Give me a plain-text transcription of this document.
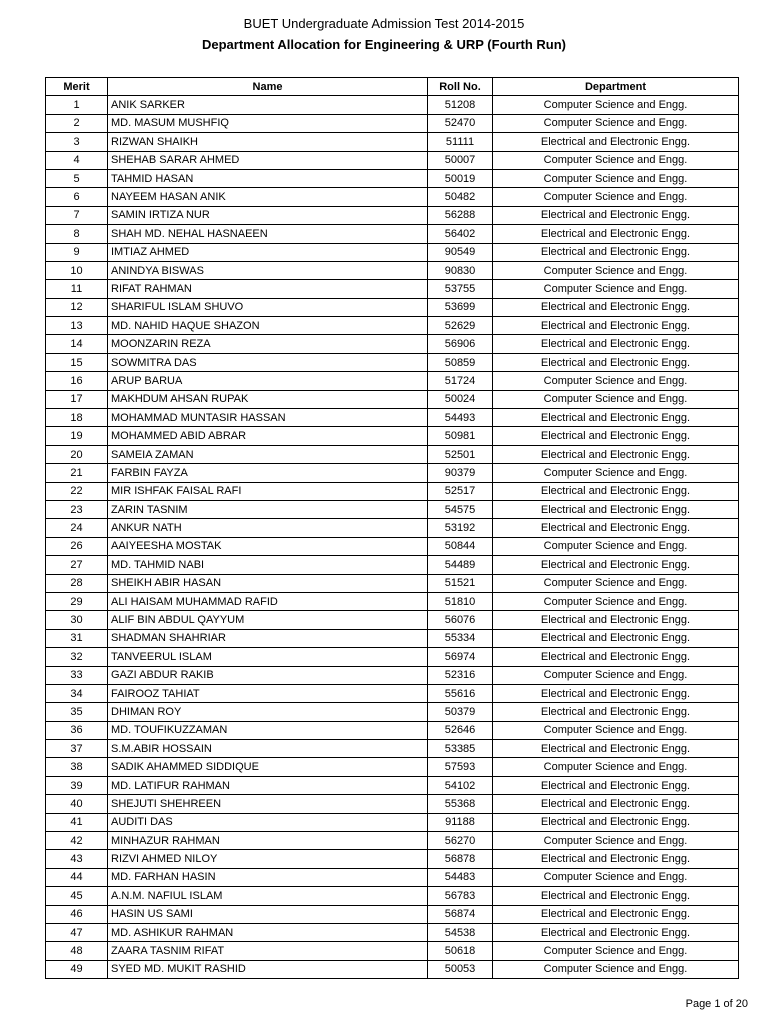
BUET Undergraduate Admission Test 2014-2015
Department Allocation for Engineering & URP (Fourth Run)
Merit	Name	Roll No.	Department
1	ANIK SARKER	51208	Computer Science and Engg.
2	MD. MASUM MUSHFIQ	52470	Computer Science and Engg.
3	RIZWAN SHAIKH	51111	Electrical and Electronic Engg.
4	SHEHAB SARAR AHMED	50007	Computer Science and Engg.
5	TAHMID HASAN	50019	Computer Science and Engg.
6	NAYEEM HASAN ANIK	50482	Computer Science and Engg.
7	SAMIN IRTIZA NUR	56288	Electrical and Electronic Engg.
8	SHAH MD. NEHAL HASNAEEN	56402	Electrical and Electronic Engg.
9	IMTIAZ AHMED	90549	Electrical and Electronic Engg.
10	ANINDYA BISWAS	90830	Computer Science and Engg.
11	RIFAT RAHMAN	53755	Computer Science and Engg.
12	SHARIFUL ISLAM SHUVO	53699	Electrical and Electronic Engg.
13	MD. NAHID HAQUE SHAZON	52629	Electrical and Electronic Engg.
14	MOONZARIN REZA	56906	Electrical and Electronic Engg.
15	SOWMITRA DAS	50859	Electrical and Electronic Engg.
16	ARUP BARUA	51724	Computer Science and Engg.
17	MAKHDUM AHSAN RUPAK	50024	Computer Science and Engg.
18	MOHAMMAD MUNTASIR HASSAN	54493	Electrical and Electronic Engg.
19	MOHAMMED ABID ABRAR	50981	Electrical and Electronic Engg.
20	SAMEIA ZAMAN	52501	Electrical and Electronic Engg.
21	FARBIN FAYZA	90379	Computer Science and Engg.
22	MIR ISHFAK FAISAL RAFI	52517	Electrical and Electronic Engg.
23	ZARIN TASNIM	54575	Electrical and Electronic Engg.
24	ANKUR NATH	53192	Electrical and Electronic Engg.
26	AAIYEESHA MOSTAK	50844	Computer Science and Engg.
27	MD. TAHMID NABI	54489	Electrical and Electronic Engg.
28	SHEIKH ABIR HASAN	51521	Computer Science and Engg.
29	ALI HAISAM MUHAMMAD RAFID	51810	Computer Science and Engg.
30	ALIF BIN ABDUL QAYYUM	56076	Electrical and Electronic Engg.
31	SHADMAN SHAHRIAR	55334	Electrical and Electronic Engg.
32	TANVEERUL ISLAM	56974	Electrical and Electronic Engg.
33	GAZI ABDUR RAKIB	52316	Computer Science and Engg.
34	FAIROOZ TAHIAT	55616	Electrical and Electronic Engg.
35	DHIMAN ROY	50379	Electrical and Electronic Engg.
36	MD. TOUFIKUZZAMAN	52646	Computer Science and Engg.
37	S.M.ABIR HOSSAIN	53385	Electrical and Electronic Engg.
38	SADIK AHAMMED SIDDIQUE	57593	Computer Science and Engg.
39	MD. LATIFUR RAHMAN	54102	Electrical and Electronic Engg.
40	SHEJUTI SHEHREEN	55368	Electrical and Electronic Engg.
41	AUDITI DAS	91188	Electrical and Electronic Engg.
42	MINHAZUR RAHMAN	56270	Computer Science and Engg.
43	RIZVI AHMED NILOY	56878	Electrical and Electronic Engg.
44	MD. FARHAN HASIN	54483	Computer Science and Engg.
45	A.N.M. NAFIUL ISLAM	56783	Electrical and Electronic Engg.
46	HASIN US SAMI	56874	Electrical and Electronic Engg.
47	MD. ASHIKUR RAHMAN	54538	Electrical and Electronic Engg.
48	ZAARA TASNIM RIFAT	50618	Computer Science and Engg.
49	SYED MD. MUKIT RASHID	50053	Computer Science and Engg.
Page 1 of 20
